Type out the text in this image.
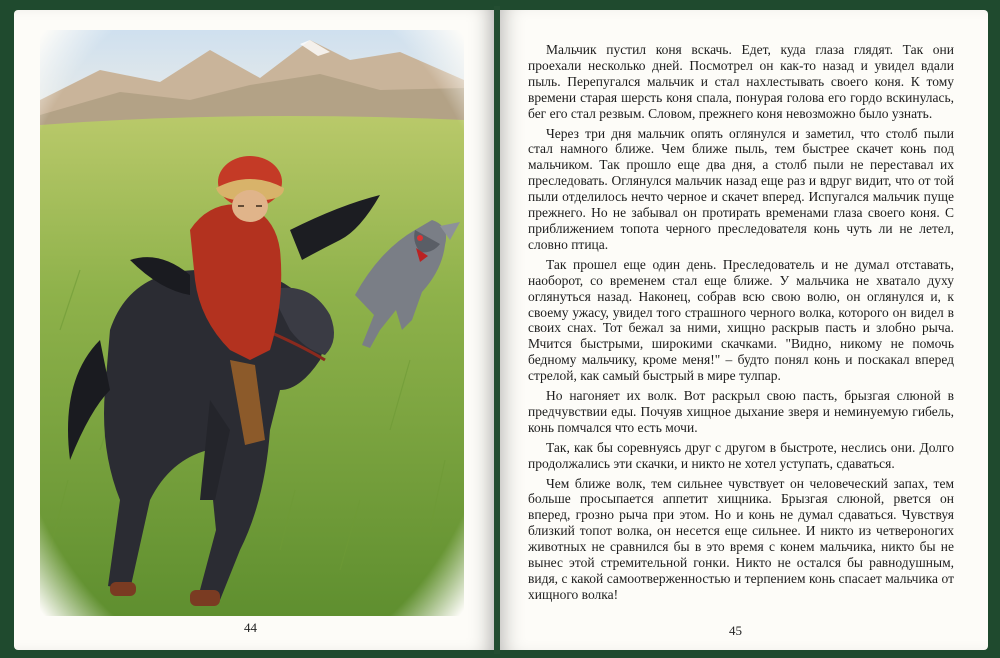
44

Мальчик пустил коня вскачь. Едет, куда глаза глядят. Так они проехали несколько дней. Посмотрел он как-то назад и увидел вдали пыль. Перепугался мальчик и стал нахлестывать своего коня. К тому времени старая шерсть коня спала, понурая голова его гордо вскинулась, бег его стал резвым. Словом, прежнего коня невозможно было узнать.

Через три дня мальчик опять оглянулся и заметил, что столб пыли стал намного ближе. Чем ближе пыль, тем быстрее скачет конь под мальчиком. Так прошло еще два дня, а столб пыли не переставал их преследовать. Оглянулся мальчик назад еще раз и вдруг видит, что от той пыли отделилось нечто черное и скачет вперед. Испугался мальчик пуще прежнего. Но не забывал он протирать временами глаза своего коня. С приближением топота черного преследователя конь чуть ли не летел, словно птица.

Так прошел еще один день. Преследователь и не думал отставать, наоборот, со временем стал еще ближе. У мальчика не хватало духу оглянуться назад. Наконец, собрав всю свою волю, он оглянулся и, к своему ужасу, увидел того страшного черного волка, которого он видел в своих снах. Тот бежал за ними, хищно раскрыв пасть и злобно рыча. Мчится быстрыми, широкими скачками. "Видно, никому не помочь бедному мальчику, кроме меня!" – будто понял конь и поскакал вперед стрелой, как самый быстрый в мире тулпар.

Но нагоняет их волк. Вот раскрыл свою пасть, брызгая слюной в предчувствии еды. Почуяв хищное дыхание зверя и неминуемую гибель, конь помчался что есть мочи.

Так, как бы соревнуясь друг с другом в быстроте, неслись они. Долго продолжались эти скачки, и никто не хотел уступать, сдаваться.

Чем ближе волк, тем сильнее чувствует он человеческий запах, тем больше просыпается аппетит хищника. Брызгая слюной, рвется он вперед, грозно рыча при этом. Но и конь не думал сдаваться. Чувствуя близкий топот волка, он несется еще сильнее. И никто из четвероногих животных не сравнился бы в это время с конем мальчика, никто бы не вынес этой стремительной гонки. Никто не остался бы равнодушным, видя, с какой самоотверженностью и терпением конь спасает мальчика от хищного волка!

45
